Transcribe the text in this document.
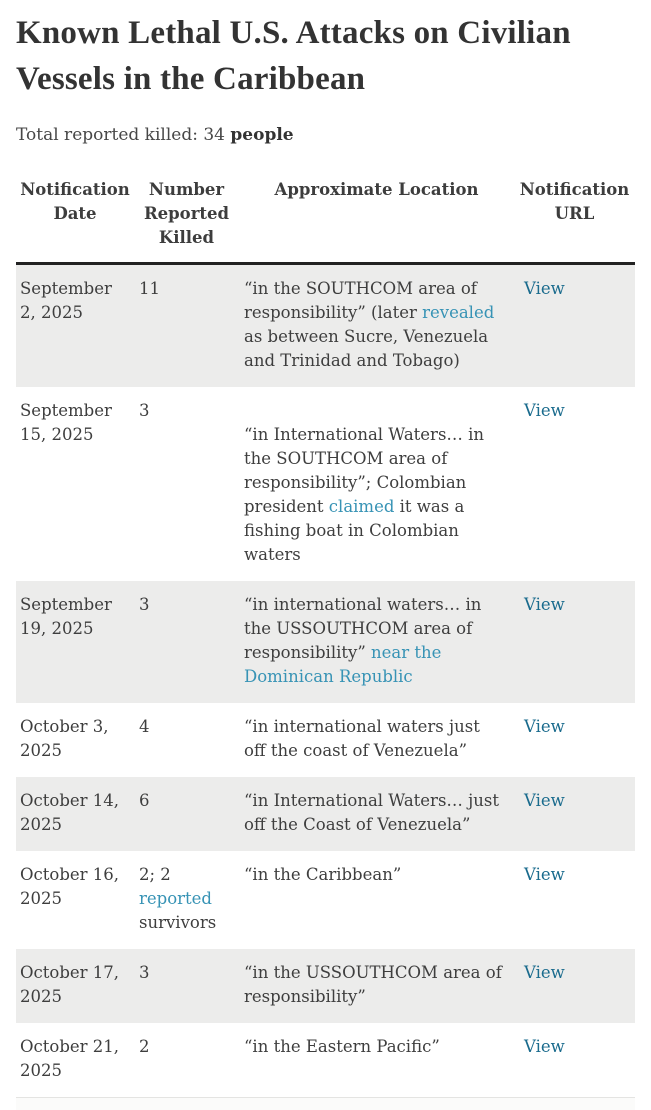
Known Lethal U.S. Attacks on Civilian Vessels in the Caribbean

Total reported killed: 34 people

Notification Date	Number Reported Killed	Approximate Location	Notification URL
September 2, 2025	11	“in the SOUTHCOM area of responsibility” (later revealed as between Sucre, Venezuela and Trinidad and Tobago)	View
September 15, 2025	3	“in International Waters… in the SOUTHCOM area of responsibility”; Colombian president claimed it was a fishing boat in Colombian waters	View
September 19, 2025	3	“in international waters… in the USSOUTHCOM area of responsibility” near the Dominican Republic	View
October 3, 2025	4	“in international waters just off the coast of Venezuela”	View
October 14, 2025	6	“in International Waters… just off the Coast of Venezuela”	View
October 16, 2025	2; 2 reported survivors	“in the Caribbean”	View
October 17, 2025	3	“in the USSOUTHCOM area of responsibility”	View
October 21, 2025	2	“in the Eastern Pacific”	View
